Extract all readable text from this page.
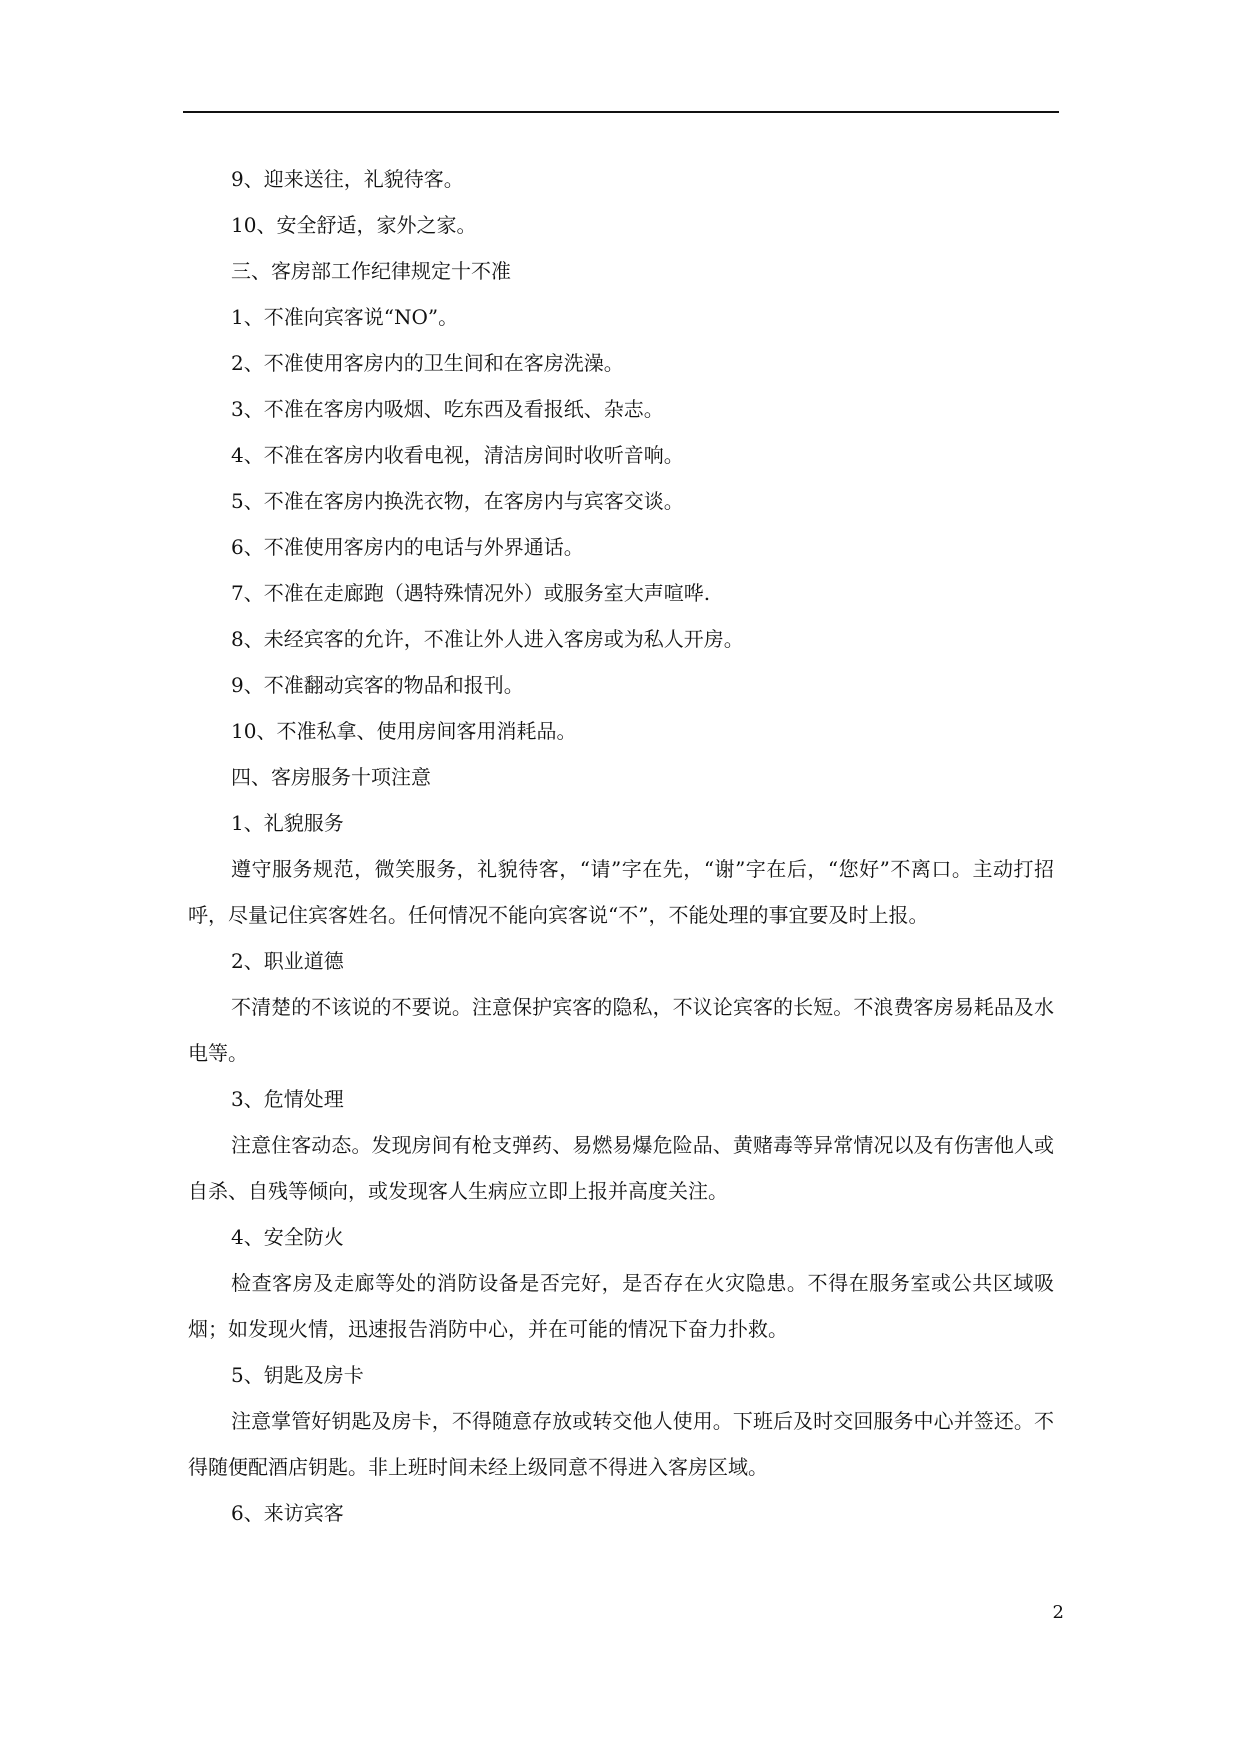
9、迎来送往，礼貌待客。

10、安全舒适，家外之家。

三、客房部工作纪律规定十不准

1、不准向宾客说“NO”。

2、不准使用客房内的卫生间和在客房洗澡。

3、不准在客房内吸烟、吃东西及看报纸、杂志。

4、不准在客房内收看电视，清洁房间时收听音响。

5、不准在客房内换洗衣物，在客房内与宾客交谈。

6、不准使用客房内的电话与外界通话。

7、不准在走廊跑（遇特殊情况外）或服务室大声喧哗.

8、未经宾客的允许，不准让外人进入客房或为私人开房。

9、不准翻动宾客的物品和报刊。

10、不准私拿、使用房间客用消耗品。

四、客房服务十项注意

1、礼貌服务

遵守服务规范，微笑服务，礼貌待客，“请”字在先，“谢”字在后，“您好”不离口。主动打招呼，尽量记住宾客姓名。任何情况不能向宾客说“不”，不能处理的事宜要及时上报。

2、职业道德

不清楚的不该说的不要说。注意保护宾客的隐私，不议论宾客的长短。不浪费客房易耗品及水电等。

3、危情处理

注意住客动态。发现房间有枪支弹药、易燃易爆危险品、黄赌毒等异常情况以及有伤害他人或自杀、自残等倾向，或发现客人生病应立即上报并高度关注。

4、安全防火

检查客房及走廊等处的消防设备是否完好，是否存在火灾隐患。不得在服务室或公共区域吸烟；如发现火情，迅速报告消防中心，并在可能的情况下奋力扑救。

5、钥匙及房卡

注意掌管好钥匙及房卡，不得随意存放或转交他人使用。下班后及时交回服务中心并签还。不得随便配酒店钥匙。非上班时间未经上级同意不得进入客房区域。

6、来访宾客

2
